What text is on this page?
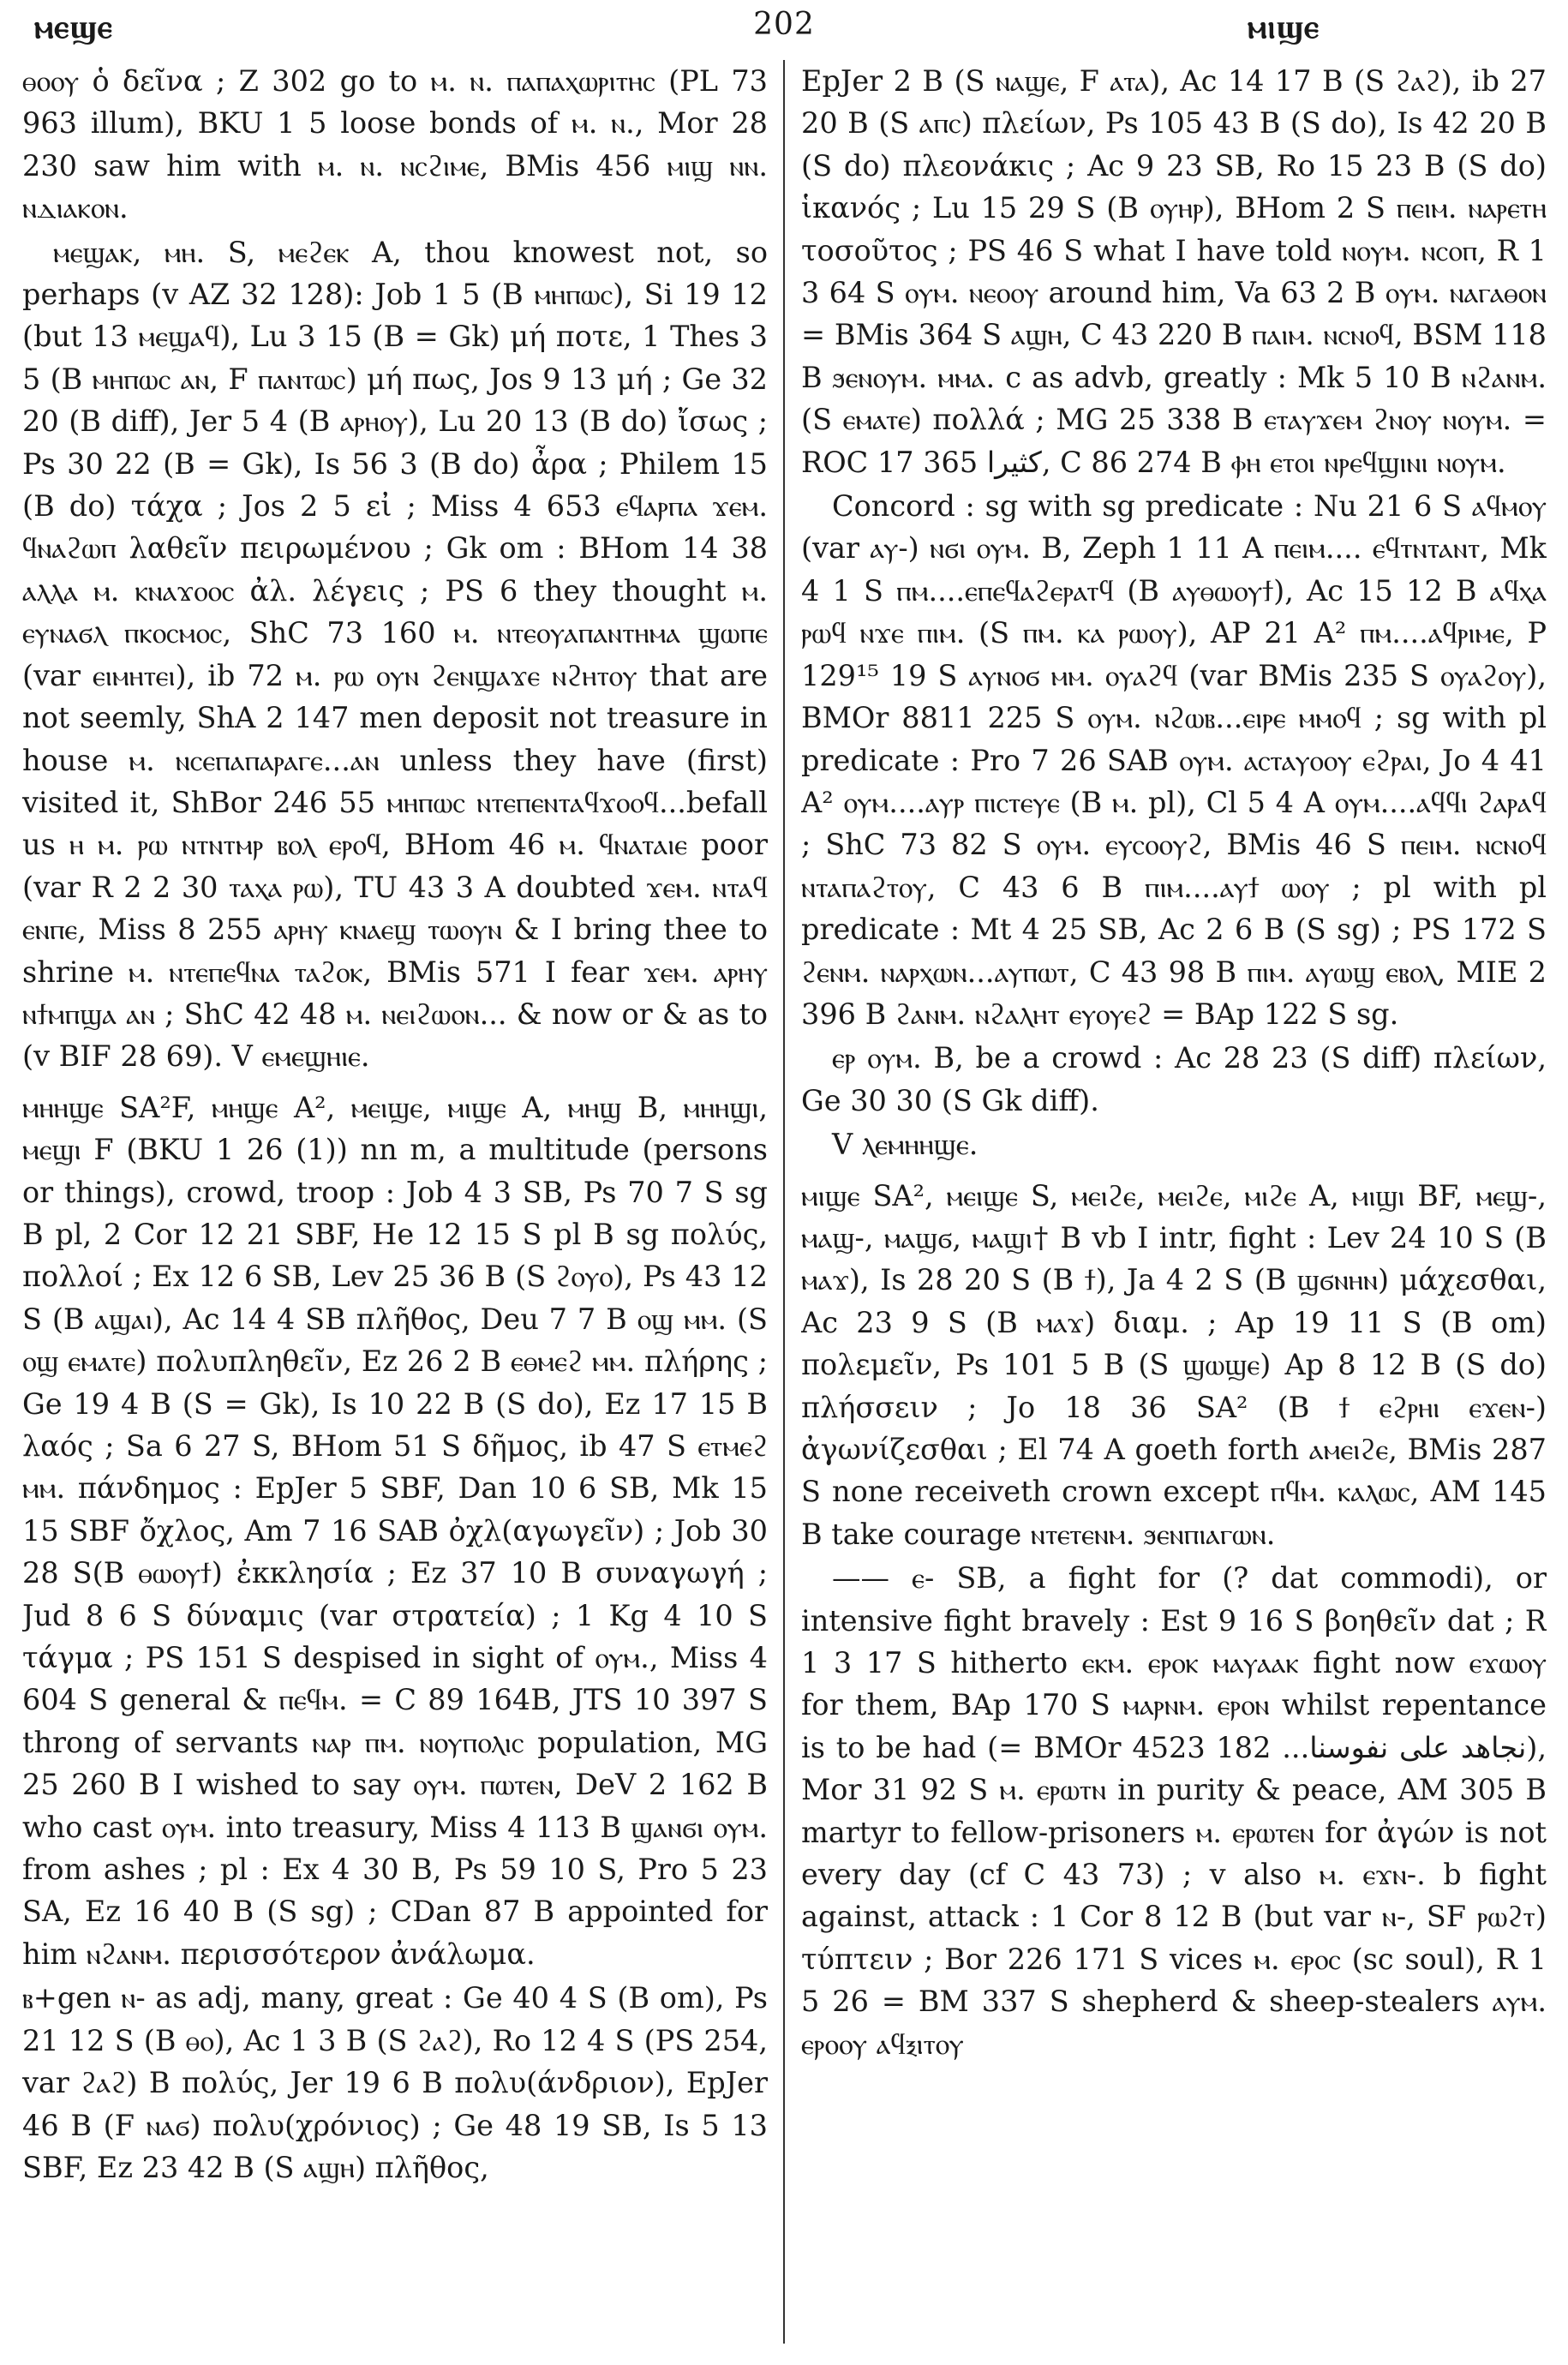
202
ⲙⲉϣⲉ	ⲙⲓϣⲉ

ⲑⲟⲟⲩ ὁ δεῖνα ; Z 302 go to ⲙ. ⲛ. ⲡⲁⲡⲁⲭⲱⲣⲓⲧⲏⲥ (PL 73 963 illum), BKU 1 5 loose bonds of ⲙ. ⲛ., Mor 28 230 saw him with ⲙ. ⲛ. ⲛⲥϩⲓⲙⲉ, BMis 456 ⲙⲓϣ ⲛⲛ. ⲛⲇⲓⲁⲕⲟⲛ.

ⲙⲉϣⲁⲕ, ⲙⲏ. S, ⲙⲉϩⲉⲕ A, thou knowest not, so perhaps (v AZ 32 128): Job 1 5 (B ⲙⲏⲡⲱⲥ), Si 19 12 (but 13 ⲙⲉϣⲁϥ), Lu 3 15 (B = Gk) μή ποτε, 1 Thes 3 5 (B ⲙⲏⲡⲱⲥ ⲁⲛ, F ⲡⲁⲛⲧⲱⲥ) μή πως, Jos 9 13 μή ; Ge 32 20 (B diff), Jer 5 4 (B ⲁⲣⲏⲟⲩ), Lu 20 13 (B do) ἴσως ; Ps 30 22 (B = Gk), Is 56 3 (B do) ἆρα ; Philem 15 (B do) τάχα ; Jos 2 5 εἰ ; Miss 4 653 ⲉϥⲁⲣⲡⲁ ϫⲉⲙ. ϥⲛⲁϩⲱⲡ λαθεῖν πειρωμένου ; Gk om : BHom 14 38 ⲁⲗⲗⲁ ⲙ. ⲕⲛⲁϫⲟⲟⲥ ἀλ. λέγεις ; PS 6 they thought ⲙ. ⲉⲩⲛⲁϭⲗ ⲡⲕⲟⲥⲙⲟⲥ, ShC 73 160 ⲙ. ⲛⲧⲉⲟⲩⲁⲡⲁⲛⲧⲏⲙⲁ ϣⲱⲡⲉ (var ⲉⲓⲙⲏⲧⲉⲓ), ib 72 ⲙ. ⲣⲱ ⲟⲩⲛ ϩⲉⲛϣⲁϫⲉ ⲛϩⲏⲧⲟⲩ that are not seemly, ShA 2 147 men deposit not treasure in house ⲙ. ⲛⲥⲉⲡⲁⲡⲁⲣⲁⲅⲉ...ⲁⲛ unless they have (first) visited it, ShBor 246 55 ⲙⲏⲡⲱⲥ ⲛⲧⲉⲡⲉⲛⲧⲁϥϫⲟⲟϥ...befall us ⲏ ⲙ. ⲣⲱ ⲛⲧⲛⲧⲙⲣ ⲃⲟⲗ ⲉⲣⲟϥ, BHom 46 ⲙ. ϥⲛⲁⲧⲁⲓⲉ poor (var R 2 2 30 ⲧⲁⲭⲁ ⲣⲱ), TU 43 3 A doubted ϫⲉⲙ. ⲛⲧⲁϥ ⲉⲛⲡⲉ, Miss 8 255 ⲁⲣⲏⲩ ⲕⲛⲁⲉϣ ⲧⲱⲟⲩⲛ & I bring thee to shrine ⲙ. ⲛⲧⲉⲡⲉϥⲛⲁ ⲧⲁϩⲟⲕ, BMis 571 I fear ϫⲉⲙ. ⲁⲣⲏⲩ ⲛϯⲙⲡϣⲁ ⲁⲛ ; ShC 42 48 ⲙ. ⲛⲉⲓϩⲱⲟⲛ... & now or & as to (v BIF 28 69). V ⲉⲙⲉϣⲏⲓⲉ.

ⲙⲏⲏϣⲉ SA²F, ⲙⲏϣⲉ A², ⲙⲉⲓϣⲉ, ⲙⲓϣⲉ A, ⲙⲏϣ B, ⲙⲏⲏϣⲓ, ⲙⲉϣⲓ F (BKU 1 26 (1)) nn m, a multitude (persons or things), crowd, troop : Job 4 3 SB, Ps 70 7 S sg B pl, 2 Cor 12 21 SBF, He 12 15 S pl B sg πολύς, πολλοί ; Ex 12 6 SB, Lev 25 36 B (S ϩⲟⲩⲟ), Ps 43 12 S (B ⲁϣⲁⲓ), Ac 14 4 SB πλῆθος, Deu 7 7 B ⲟϣ ⲙⲙ. (S ⲟϣ ⲉⲙⲁⲧⲉ) πολυπληθεῖν, Ez 26 2 B ⲉⲑⲙⲉϩ ⲙⲙ. πλήρης ; Ge 19 4 B (S = Gk), Is 10 22 B (S do), Ez 17 15 B λαός ; Sa 6 27 S, BHom 51 S δῆμος, ib 47 S ⲉⲧⲙⲉϩ ⲙⲙ. πάνδημος : EpJer 5 SBF, Dan 10 6 SB, Mk 15 15 SBF ὄχλος, Am 7 16 SAB ὀχλ(αγωγεῖν) ; Job 30 28 S(B ⲑⲱⲟⲩϯ) ἐκκλησία ; Ez 37 10 B συναγωγή ; Jud 8 6 S δύναμις (var στρατεία) ; 1 Kg 4 10 S τάγμα ; PS 151 S despised in sight of ⲟⲩⲙ., Miss 4 604 S general & ⲡⲉϥⲙ. = C 89 164B, JTS 10 397 S throng of servants ⲛⲁⲣ ⲡⲙ. ⲛⲟⲩⲡⲟⲗⲓⲥ population, MG 25 260 B I wished to say ⲟⲩⲙ. ⲡⲱⲧⲉⲛ, DeV 2 162 B who cast ⲟⲩⲙ. into treasury, Miss 4 113 B ϣⲁⲛϭⲓ ⲟⲩⲙ. from ashes ; pl : Ex 4 30 B, Ps 59 10 S, Pro 5 23 SA, Ez 16 40 B (S sg) ; CDan 87 B appointed for him ⲛϩⲁⲛⲙ. περισσότερον ἀνάλωμα.

ⲃ+gen ⲛ- as adj, many, great : Ge 40 4 S (B om), Ps 21 12 S (B ⲑⲟ), Ac 1 3 B (S ϩⲁϩ), Ro 12 4 S (PS 254, var ϩⲁϩ) B πολύς, Jer 19 6 B πολυ(άνδριον), EpJer 46 B (F ⲛⲁϭ) πολυ(χρόνιος) ; Ge 48 19 SB, Is 5 13 SBF, Ez 23 42 B (S ⲁϣⲏ) πλῆθος,

EpJer 2 B (S ⲛⲁϣⲉ, F ⲁⲧⲁ), Ac 14 17 B (S ϩⲁϩ), ib 27 20 B (S ⲁⲡⲥ) πλείων, Ps 105 43 B (S do), Is 42 20 B (S do) πλεονάκις ; Ac 9 23 SB, Ro 15 23 B (S do) ἱκανός ; Lu 15 29 S (B ⲟⲩⲏⲣ), BHom 2 S ⲡⲉⲓⲙ. ⲛⲁⲣⲉⲧⲏ τοσοῦτος ; PS 46 S what I have told ⲛⲟⲩⲙ. ⲛⲥⲟⲡ, R 1 3 64 S ⲟⲩⲙ. ⲛⲉⲟⲟⲩ around him, Va 63 2 B ⲟⲩⲙ. ⲛⲁⲅⲁⲑⲟⲛ = BMis 364 S ⲁϣⲏ, C 43 220 B ⲡⲁⲓⲙ. ⲛⲥⲛⲟϥ, BSM 118 B ϧⲉⲛⲟⲩⲙ. ⲙⲙⲁ. c as advb, greatly : Mk 5 10 B ⲛϩⲁⲛⲙ. (S ⲉⲙⲁⲧⲉ) πολλά ; MG 25 338 B ⲉⲧⲁⲩϫⲉⲙ ϩⲛⲟⲩ ⲛⲟⲩⲙ. = ROC 17 365 كثيرا, C 86 274 B ⲫⲏ ⲉⲧⲟⲓ ⲛⲣⲉϥϣⲓⲛⲓ ⲛⲟⲩⲙ.

Concord : sg with sg predicate : Nu 21 6 S ⲁϥⲙⲟⲩ (var ⲁⲩ-) ⲛϭⲓ ⲟⲩⲙ. B, Zeph 1 11 A ⲡⲉⲓⲙ.... ⲉϥⲧⲛⲧⲁⲛⲧ, Mk 4 1 S ⲡⲙ....ⲉⲡⲉϥⲁϩⲉⲣⲁⲧϥ (B ⲁⲩⲑⲱⲟⲩϯ), Ac 15 12 B ⲁϥⲭⲁ ⲣⲱϥ ⲛϫⲉ ⲡⲓⲙ. (S ⲡⲙ. ⲕⲁ ⲣⲱⲟⲩ), AP 21 A² ⲡⲙ....ⲁϥⲣⲓⲙⲉ, P 129¹⁵ 19 S ⲁⲩⲛⲟϭ ⲙⲙ. ⲟⲩⲁϩϥ (var BMis 235 S ⲟⲩⲁϩⲟⲩ), BMOr 8811 225 S ⲟⲩⲙ. ⲛϩⲱⲃ...ⲉⲓⲣⲉ ⲙⲙⲟϥ ; sg with pl predicate : Pro 7 26 SAB ⲟⲩⲙ. ⲁⲥⲧⲁⲩⲟⲟⲩ ⲉϩⲣⲁⲓ, Jo 4 41 A² ⲟⲩⲙ....ⲁⲩⲣ ⲡⲓⲥⲧⲉⲩⲉ (B ⲙ. pl), Cl 5 4 A ⲟⲩⲙ....ⲁϥϥⲓ ϩⲁⲣⲁϥ ; ShC 73 82 S ⲟⲩⲙ. ⲉⲩⲥⲟⲟⲩϩ, BMis 46 S ⲡⲉⲓⲙ. ⲛⲥⲛⲟϥ ⲛⲧⲁⲡⲁϩⲧⲟⲩ, C 43 6 B ⲡⲓⲙ....ⲁⲩϯ ⲱⲟⲩ ; pl with pl predicate : Mt 4 25 SB, Ac 2 6 B (S sg) ; PS 172 S ϩⲉⲛⲙ. ⲛⲁⲣⲭⲱⲛ...ⲁⲩⲡⲱⲧ, C 43 98 B ⲡⲓⲙ. ⲁⲩⲱϣ ⲉⲃⲟⲗ, MIE 2 396 B ϩⲁⲛⲙ. ⲛϩⲁⲗⲏⲧ ⲉⲩⲟⲩⲉϩ = BAp 122 S sg.

ⲉⲣ ⲟⲩⲙ. B, be a crowd : Ac 28 23 (S diff) πλείων, Ge 30 30 (S Gk diff).

V ⲗⲉⲙⲏⲏϣⲉ.

ⲙⲓϣⲉ SA², ⲙⲉⲓϣⲉ S, ⲙⲉⲓϩⲉ, ⲙⲉⲓϩⲉ, ⲙⲓϩⲉ A, ⲙⲓϣⲓ BF, ⲙⲉϣ-, ⲙⲁϣ-, ⲙⲁϣϭ, ⲙⲁϣⲓ† B vb I intr, fight : Lev 24 10 S (B ⲙⲁϫ), Is 28 20 S (B ϯ), Ja 4 2 S (B ϣϭⲛⲏⲛ) μάχεσθαι, Ac 23 9 S (B ⲙⲁϫ) διαμ. ; Ap 19 11 S (B om) πολεμεῖν, Ps 101 5 B (S ϣⲱϣⲉ) Ap 8 12 B (S do) πλήσσειν ; Jo 18 36 SA² (B ϯ ⲉϩⲣⲏⲓ ⲉϫⲉⲛ-) ἀγωνίζεσθαι ; El 74 A goeth forth ⲁⲙⲉⲓϩⲉ, BMis 287 S none receiveth crown except ⲡϥⲙ. ⲕⲁⲗⲱⲥ, AM 145 B take courage ⲛⲧⲉⲧⲉⲛⲙ. ϧⲉⲛⲡⲓⲁⲅⲱⲛ.

—— ⲉ- SB, a fight for (? dat commodi), or intensive fight bravely : Est 9 16 S βοηθεῖν dat ; R 1 3 17 S hitherto ⲉⲕⲙ. ⲉⲣⲟⲕ ⲙⲁⲩⲁⲁⲕ fight now ⲉϫⲱⲟⲩ for them, BAp 170 S ⲙⲁⲣⲛⲙ. ⲉⲣⲟⲛ whilst repentance is to be had (= BMOr 4523 182 ...نجاهد على نفوسنا), Mor 31 92 S ⲙ. ⲉⲣⲱⲧⲛ in purity & peace, AM 305 B martyr to fellow-prisoners ⲙ. ⲉⲣⲱⲧⲉⲛ for ἀγών is not every day (cf C 43 73) ; v also ⲙ. ⲉϫⲛ-. b fight against, attack : 1 Cor 8 12 B (but var ⲛ-, SF ⲣⲱϩⲧ) τύπτειν ; Bor 226 171 S vices ⲙ. ⲉⲣⲟⲥ (sc soul), R 1 5 26 = BM 337 S shepherd & sheep-stealers ⲁⲩⲙ. ⲉⲣⲟⲟⲩ ⲁϥⲝⲓⲧⲟⲩ
